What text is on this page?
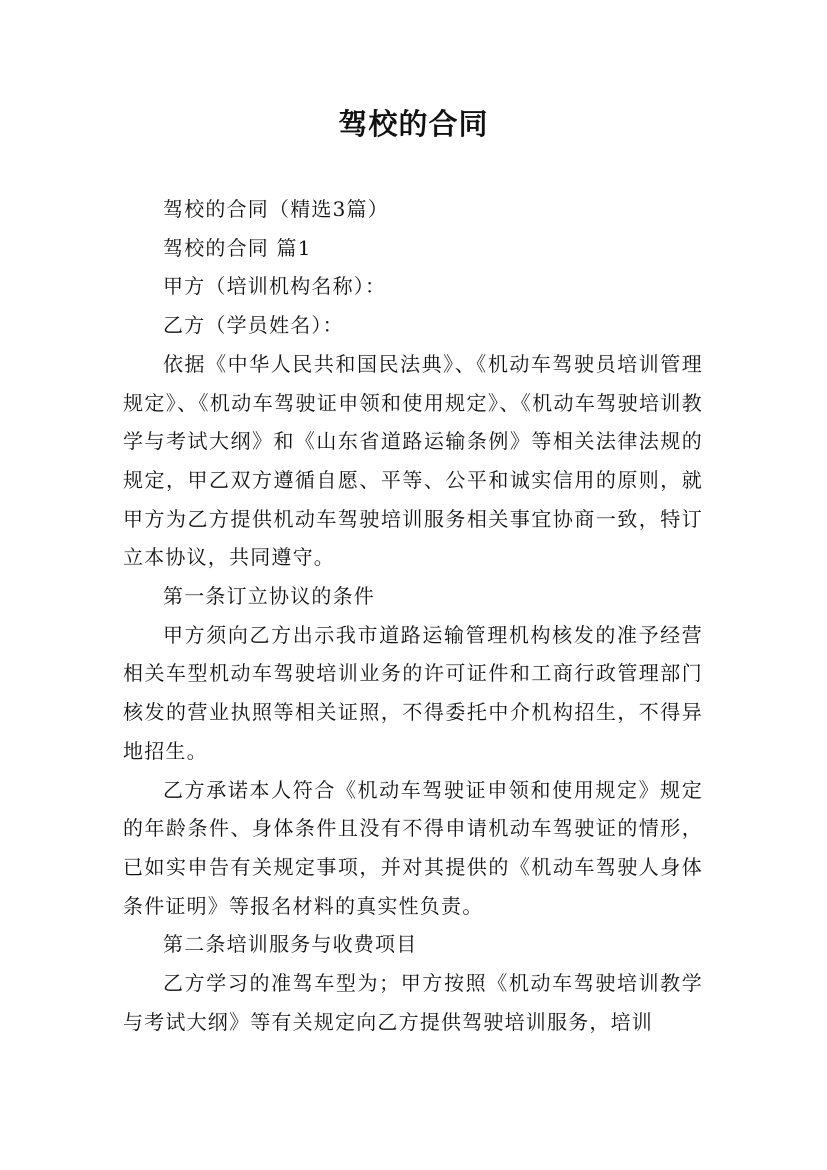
驾校的合同

驾校的合同（精选3篇）

驾校的合同 篇1

甲方（培训机构名称）：

乙方（学员姓名）：

依据《中华人民共和国民法典》、《机动车驾驶员培训管理规定》、《机动车驾驶证申领和使用规定》、《机动车驾驶培训教学与考试大纲》和《山东省道路运输条例》等相关法律法规的规定，甲乙双方遵循自愿、平等、公平和诚实信用的原则，就甲方为乙方提供机动车驾驶培训服务相关事宜协商一致，特订立本协议，共同遵守。

第一条订立协议的条件

甲方须向乙方出示我市道路运输管理机构核发的准予经营相关车型机动车驾驶培训业务的许可证件和工商行政管理部门核发的营业执照等相关证照，不得委托中介机构招生，不得异地招生。

乙方承诺本人符合《机动车驾驶证申领和使用规定》规定的年龄条件、身体条件且没有不得申请机动车驾驶证的情形，已如实申告有关规定事项，并对其提供的《机动车驾驶人身体条件证明》等报名材料的真实性负责。

第二条培训服务与收费项目

乙方学习的准驾车型为；甲方按照《机动车驾驶培训教学与考试大纲》等有关规定向乙方提供驾驶培训服务，培训
